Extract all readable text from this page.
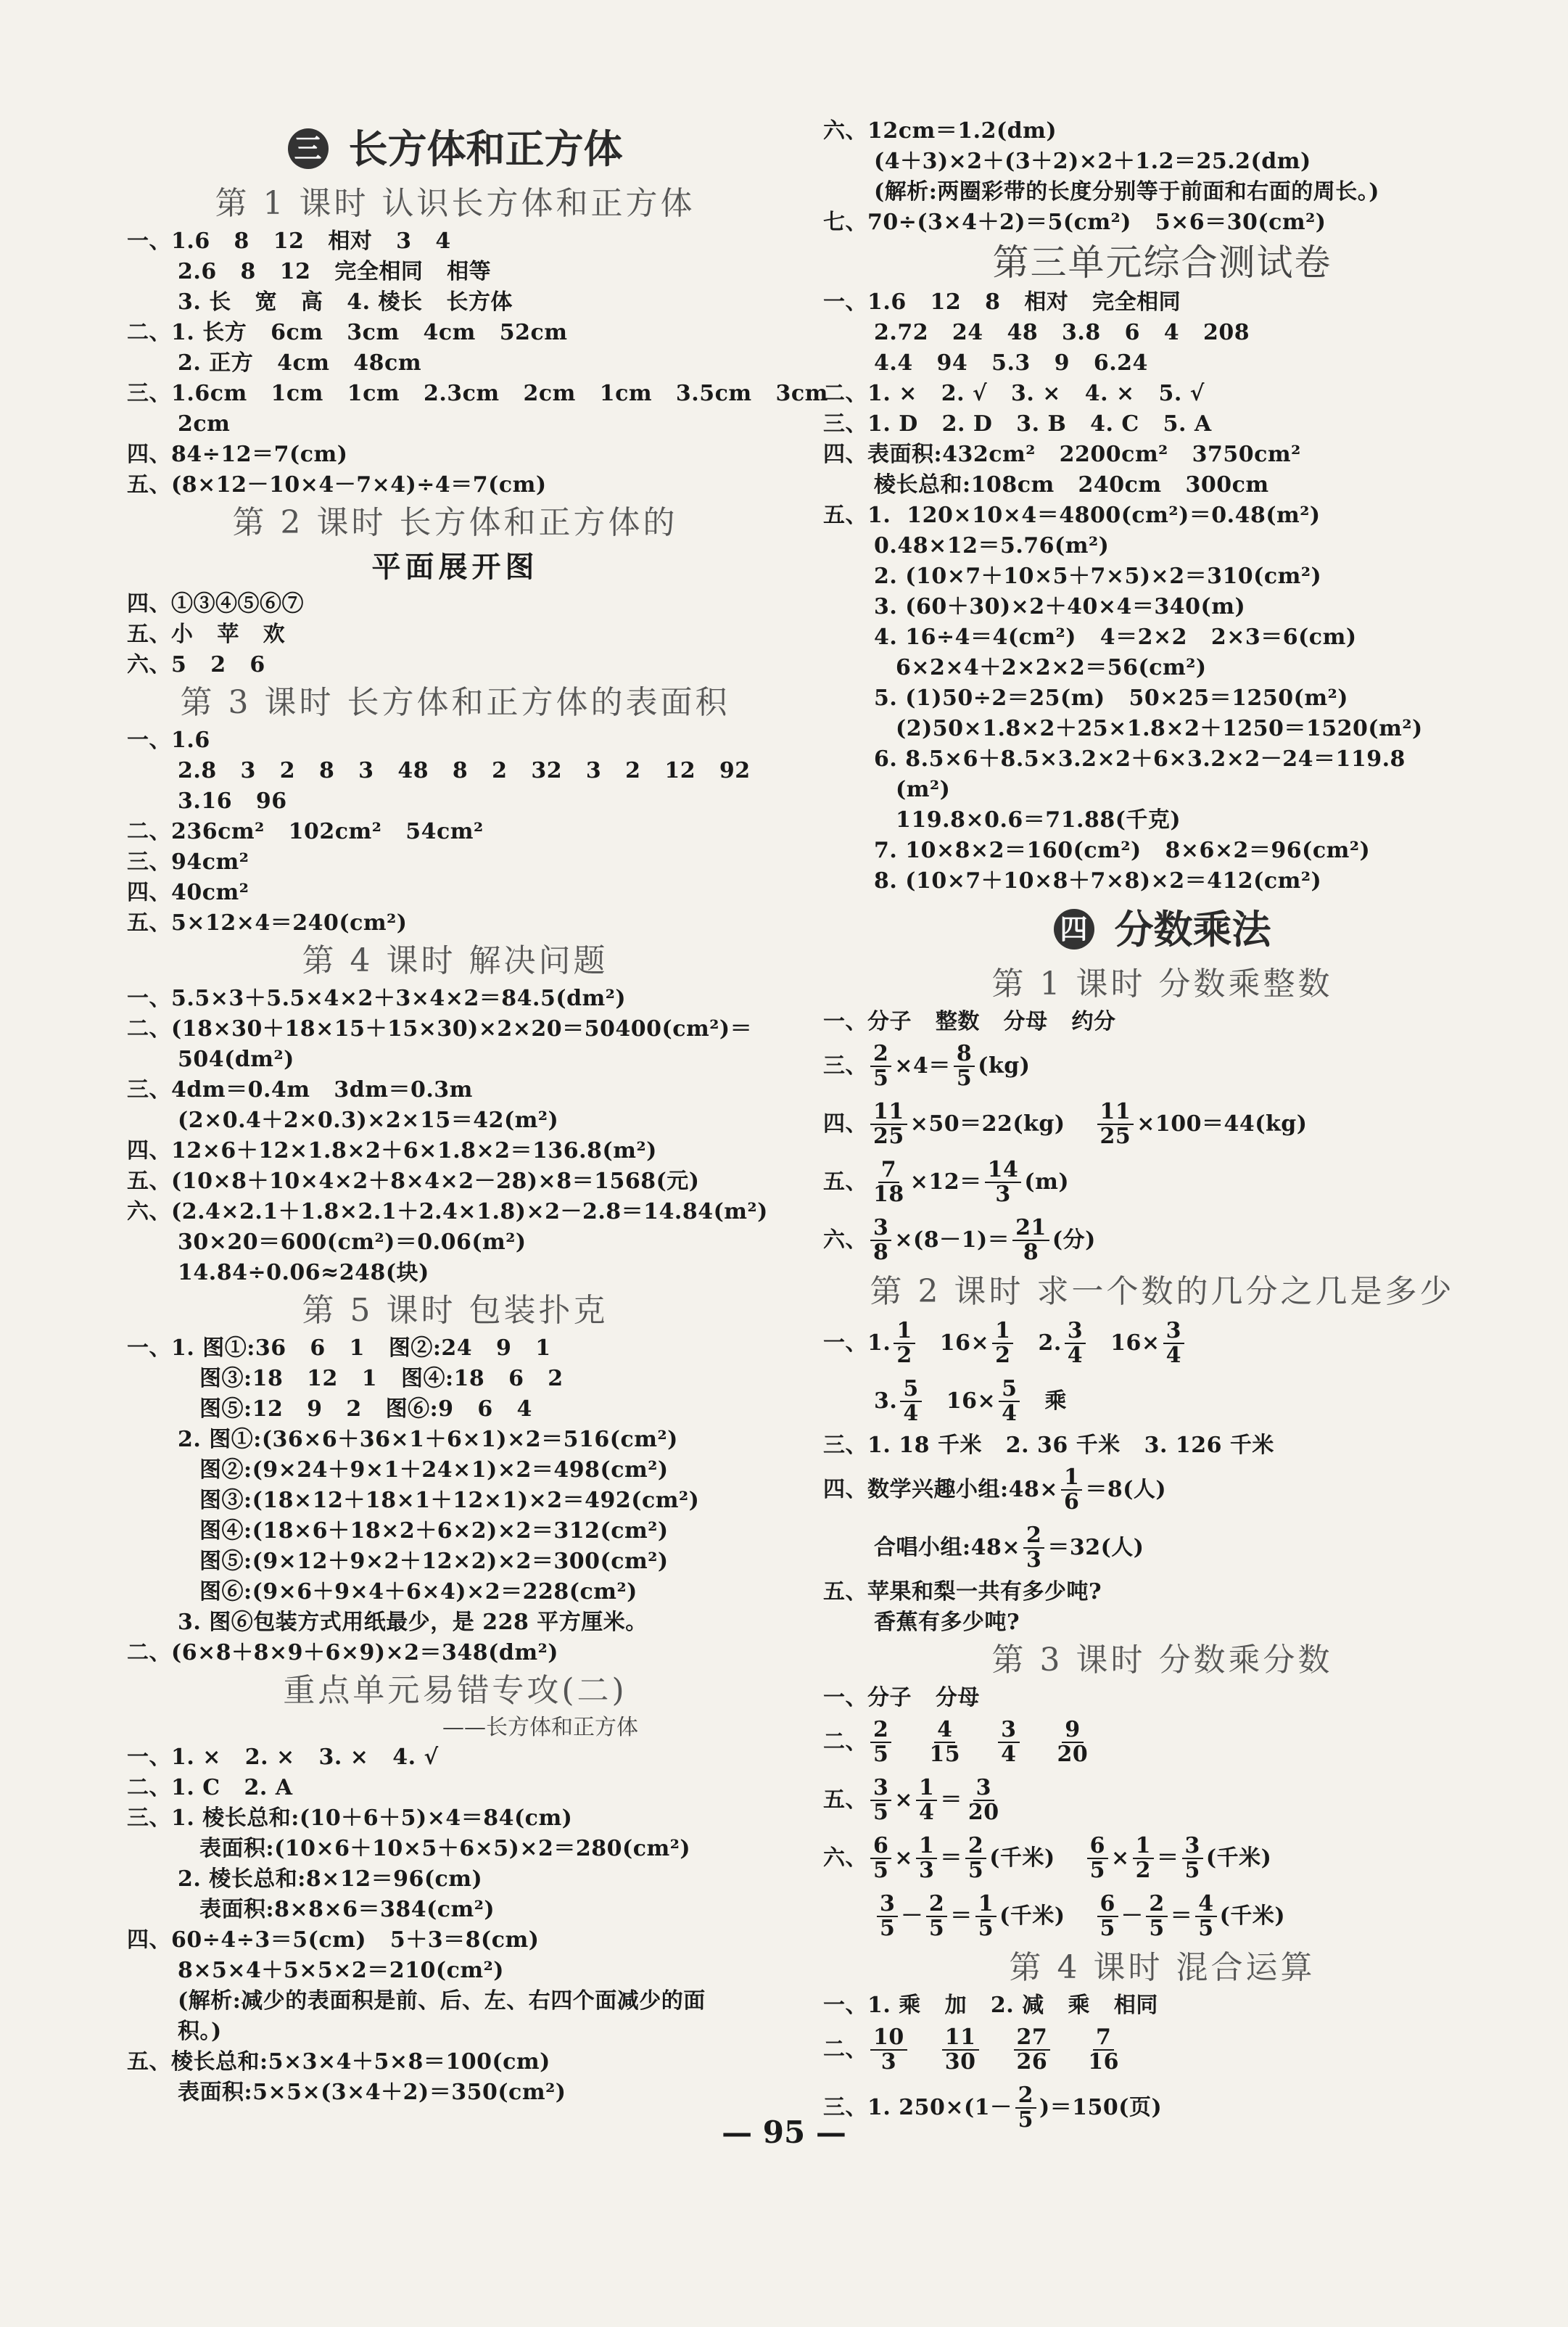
三 长方体和正方体
第 1 课时 认识长方体和正方体
一、1.6   8   12   相对   3   4
2.6   8   12   完全相同   相等
3. 长   宽   高   4. 棱长   长方体
二、1. 长方   6cm   3cm   4cm   52cm
2. 正方   4cm   48cm
三、1.6cm   1cm   1cm   2.3cm   2cm   1cm   3.5cm   3cm
2cm
四、84÷12＝7(cm)
五、(8×12－10×4－7×4)÷4＝7(cm)
第 2 课时 长方体和正方体的
平面展开图
四、①③④⑤⑥⑦
五、小   苹   欢
六、5   2   6
第 3 课时 长方体和正方体的表面积
一、1.6
2.8   3   2   8   3   48   8   2   32   3   2   12   92
3.16   96
二、236cm²   102cm²   54cm²
三、94cm²
四、40cm²
五、5×12×4＝240(cm²)
第 4 课时 解决问题
一、5.5×3＋5.5×4×2＋3×4×2＝84.5(dm²)
二、(18×30＋18×15＋15×30)×2×20＝50400(cm²)＝
504(dm²)
三、4dm＝0.4m   3dm＝0.3m
(2×0.4＋2×0.3)×2×15＝42(m²)
四、12×6＋12×1.8×2＋6×1.8×2＝136.8(m²)
五、(10×8＋10×4×2＋8×4×2－28)×8＝1568(元)
六、(2.4×2.1＋1.8×2.1＋2.4×1.8)×2－2.8＝14.84(m²)
30×20＝600(cm²)＝0.06(m²)
14.84÷0.06≈248(块)
第 5 课时 包装扑克
一、1. 图①:36   6   1   图②:24   9   1
图③:18   12   1   图④:18   6   2
图⑤:12   9   2   图⑥:9   6   4
2. 图①:(36×6＋36×1＋6×1)×2＝516(cm²)
图②:(9×24＋9×1＋24×1)×2＝498(cm²)
图③:(18×12＋18×1＋12×1)×2＝492(cm²)
图④:(18×6＋18×2＋6×2)×2＝312(cm²)
图⑤:(9×12＋9×2＋12×2)×2＝300(cm²)
图⑥:(9×6＋9×4＋6×4)×2＝228(cm²)
3. 图⑥包装方式用纸最少，是 228 平方厘米。
二、(6×8＋8×9＋6×9)×2＝348(dm²)
重点单元易错专攻(二)
——长方体和正方体
一、1. ×   2. ×   3. ×   4. √
二、1. C   2. A
三、1. 棱长总和:(10＋6＋5)×4＝84(cm)
表面积:(10×6＋10×5＋6×5)×2＝280(cm²)
2. 棱长总和:8×12＝96(cm)
表面积:8×8×6＝384(cm²)
四、60÷4÷3＝5(cm)   5＋3＝8(cm)
8×5×4＋5×5×2＝210(cm²)
(解析:减少的表面积是前、后、左、右四个面减少的面
积。)
五、棱长总和:5×3×4＋5×8＝100(cm)
表面积:5×5×(3×4＋2)＝350(cm²)
六、12cm＝1.2(dm)
(4＋3)×2＋(3＋2)×2＋1.2＝25.2(dm)
(解析:两圈彩带的长度分别等于前面和右面的周长。)
七、70÷(3×4＋2)＝5(cm²)   5×6＝30(cm²)
第三单元综合测试卷
一、1.6   12   8   相对   完全相同
2.72   24   48   3.8   6   4   208
4.4   94   5.3   9   6.24
二、1. ×   2. √   3. ×   4. ×   5. √
三、1. D   2. D   3. B   4. C   5. A
四、表面积:432cm²   2200cm²   3750cm²
棱长总和:108cm   240cm   300cm
五、1.  120×10×4＝4800(cm²)＝0.48(m²)
0.48×12＝5.76(m²)
2. (10×7＋10×5＋7×5)×2＝310(cm²)
3. (60＋30)×2＋40×4＝340(m)
4. 16÷4＝4(cm²)   4＝2×2   2×3＝6(cm)
6×2×4＋2×2×2＝56(cm²)
5. (1)50÷2＝25(m)   50×25＝1250(m²)
(2)50×1.8×2＋25×1.8×2＋1250＝1520(m²)
6. 8.5×6＋8.5×3.2×2＋6×3.2×2－24＝119.8
(m²)
119.8×0.6＝71.88(千克)
7. 10×8×2＝160(cm²)   8×6×2＝96(cm²)
8. (10×7＋10×8＋7×8)×2＝412(cm²)
四 分数乘法
第 1 课时 分数乘整数
一、分子   整数   分母   约分
三、 $\frac{2}{5} \times 4= \frac{8}{5} (kg)$
四、 $\frac{11}{25} \times 50=22(kg) \frac{11}{25} \times 100=44(kg)$
五、 $\frac{7}{18} \times 12= \frac{14}{3} (m)$
六、 $\frac{3}{8} \times(8-1)= \frac{21}{8}$ (分)
第 2 课时 求一个数的几分之几是多少
一、1. $\frac{1}{2} 16\times \frac{1}{2} 2$. $\frac{3}{4} 16\times \frac{3}{4}$
3. $\frac{5}{4} 16\times \frac{5}{4}$ 乘
三、1. 18 千米   2. 36 千米   3. 126 千米
四、数学兴趣小组:48× $\frac{1}{6} =8$(人)
合唱小组:48× $\frac{2}{3} =32$(人)
五、苹果和梨一共有多少吨?
香蕉有多少吨?
第 3 课时 分数乘分数
一、分子   分母
二、 $\frac{2}{5} \frac{4}{15} \frac{3}{4} \frac{9}{20}$
五、 $\frac{3}{5} \times \frac{1}{4} = \frac{3}{20}$
六、 $\frac{6}{5} \times \frac{1}{3} = \frac{2}{5}$ (千米) $\frac{6}{5} \times \frac{1}{2} = \frac{3}{5}$ (千米)
$\frac{3}{5} - \frac{2}{5} = \frac{1}{5}$ (千米) $\frac{6}{5} - \frac{2}{5} = \frac{4}{5}$ (千米)
第 4 课时 混合运算
一、1. 乘   加   2. 减   乘   相同
二、 $\frac{10}{3} \frac{11}{30} \frac{27}{26} \frac{7}{16}$
三、1. $250\times(1- \frac{2}{5} )=150$(页)
— 95 —
